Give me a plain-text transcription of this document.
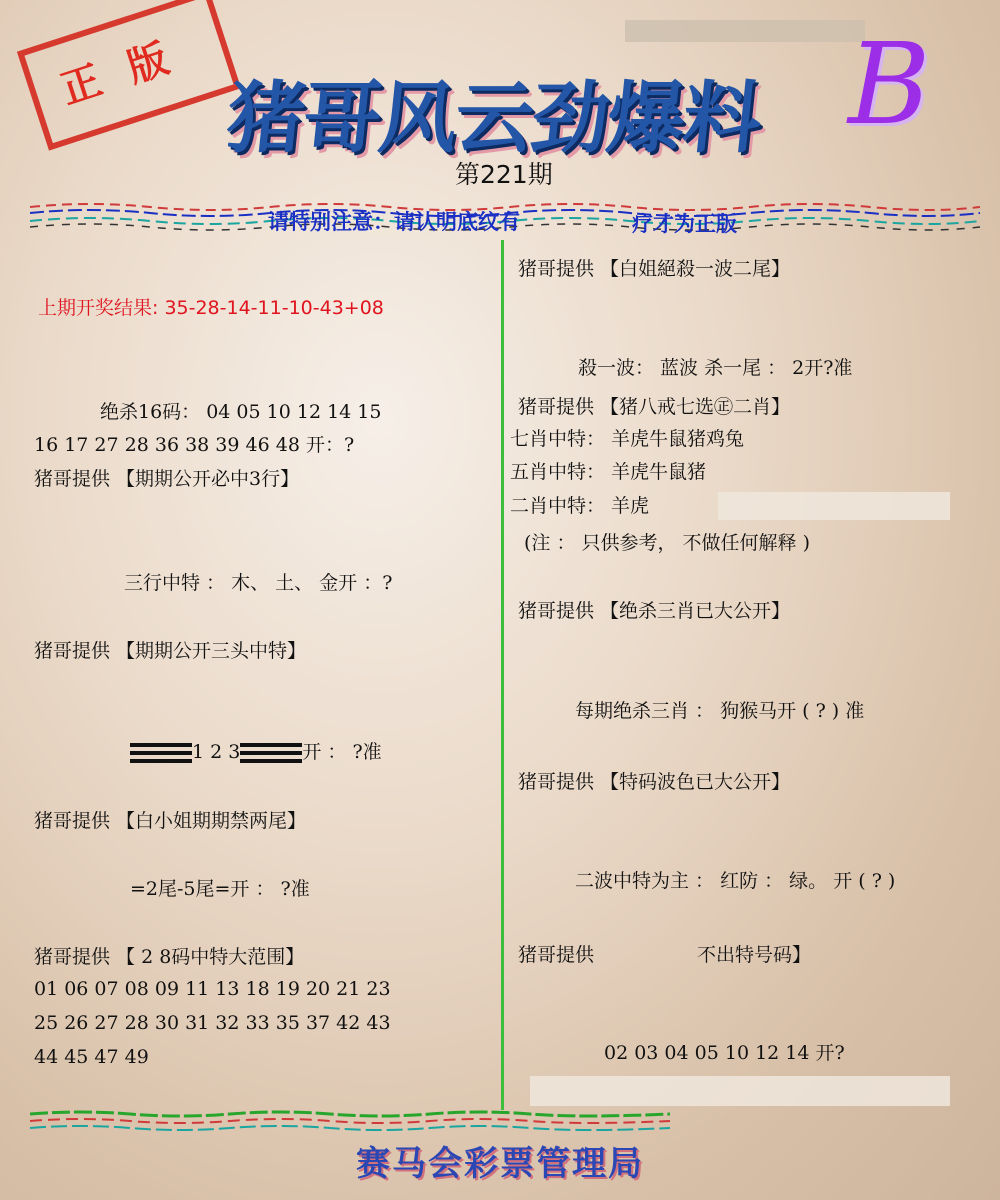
正版
猪哥风云劲爆料 B
第221期
请特别注意：请认明底纹有	疗才为正版
上期开奖结果: 35-28-14-11-10-43+08
绝杀16码： 04 05 10 12 14 15
16 17 27 28 36 38 39 46 48 开：?
猪哥提供 【期期公开必中3行】
三行中特 ： 木、 土、 金开 ：?
猪哥提供 【期期公开三头中特】
1 2 3	开 ： ?准
猪哥提供 【白小姐期期禁两尾】
=2尾-5尾=开 ： ?准
猪哥提供 【 2 8码中特大范围】
01 06 07 08 09 11 13 18 19 20 21 23
25 26 27 28 30 31 32 33 35 37 42 43
44 45 47 49
猪哥提供 【白姐絕殺一波二尾】
殺一波： 蓝波 杀一尾 ： 2开?准
猪哥提供 【猪八戒七选㊣二肖】
七肖中特： 羊虎牛鼠猪鸡兔
五肖中特： 羊虎牛鼠猪
二肖中特： 羊虎
(注 ： 只供参考， 不做任何解释 )
猪哥提供 【绝杀三肖已大公开】
每期绝杀三肖 ： 狗猴马开 ( ? ) 准
猪哥提供 【特码波色已大公开】
二波中特为主 ： 红防 ： 绿。 开 ( ? )
猪哥提供	不出特号码】
02 03 04 05 10 12 14 开?
赛马会彩票管理局
